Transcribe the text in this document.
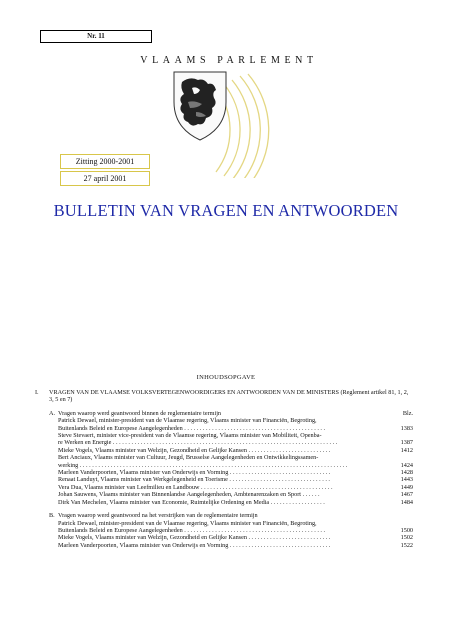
Nr. 11
VLAAMS PARLEMENT
Zitting 2000-2001
27 april 2001
BULLETIN VAN VRAGEN EN ANTWOORDEN
INHOUDSOPGAVE
I.	VRAGEN VAN DE VLAAMSE VOLKSVERTEGENWOORDIGERS EN ANTWOORDEN VAN DE MINISTERS (Reglement artikel 81, 1, 2, 3, 5 en 7)
A. Vragen waarop werd geantwoord binnen de reglementaire termijn	Blz.
Patrick Dewael, minister-president van de Vlaamse regering, Vlaams minister van Financiën, Begroting,
Buitenlands Beleid en Europese Aangelegenheden . . . . . . . . . . . . . . . . . . . . . . . . . . . . . . . . . . . . . . . . . . . . . .	1383
Steve Stevaert, minister vice-president van de Vlaamse regering, Vlaams minister van Mobiliteit, Openba-
re Werken en Energie . . . . . . . . . . . . . . . . . . . . . . . . . . . . . . . . . . . . . . . . . . . . . . . . . . . . . . . . . . . . . . . . . . . . . . . . .	1387
Mieke Vogels, Vlaams minister van Welzijn, Gezondheid en Gelijke Kansen . . . . . . . . . . . . . . . . . . . . . . . . . . .	1412
Bert Anciaux, Vlaams minister van Cultuur, Jeugd, Brusselse Aangelegenheden en Ontwikkelingssamen-
werking . . . . . . . . . . . . . . . . . . . . . . . . . . . . . . . . . . . . . . . . . . . . . . . . . . . . . . . . . . . . . . . . . . . . . . . . . . . . . . . . . . . . . . .	1424
Marleen Vanderpoorten, Vlaams minister van Onderwijs en Vorming . . . . . . . . . . . . . . . . . . . . . . . . . . . . . . . . .	1428
Renaat Landuyt, Vlaams minister van Werkgelegenheid en Toerisme . . . . . . . . . . . . . . . . . . . . . . . . . . . . . . . . .	1443
Vera Dua, Vlaams minister van Leefmilieu en Landbouw . . . . . . . . . . . . . . . . . . . . . . . . . . . . . . . . . . . . . . . . . . .	1449
Johan Sauwens, Vlaams minister van Binnenlandse Aangelegenheden, Ambtenarenzaken en Sport . . . . . .	1467
Dirk Van Mechelen, Vlaams minister van Economie, Ruimtelijke Ordening en Media . . . . . . . . . . . . . . . . . .	1484
B. Vragen waarop werd geantwoord na het verstrijken van de reglementaire termijn
Patrick Dewael, minister-president van de Vlaamse regering, Vlaams minister van Financiën, Begroting,
Buitenlands Beleid en Europese Aangelegenheden . . . . . . . . . . . . . . . . . . . . . . . . . . . . . . . . . . . . . . . . . . . . . .	1500
Mieke Vogels, Vlaams minister van Welzijn, Gezondheid en Gelijke Kansen . . . . . . . . . . . . . . . . . . . . . . . . . . .	1502
Marleen Vanderpoorten, Vlaams minister van Onderwijs en Vorming . . . . . . . . . . . . . . . . . . . . . . . . . . . . . . . . .	1522
